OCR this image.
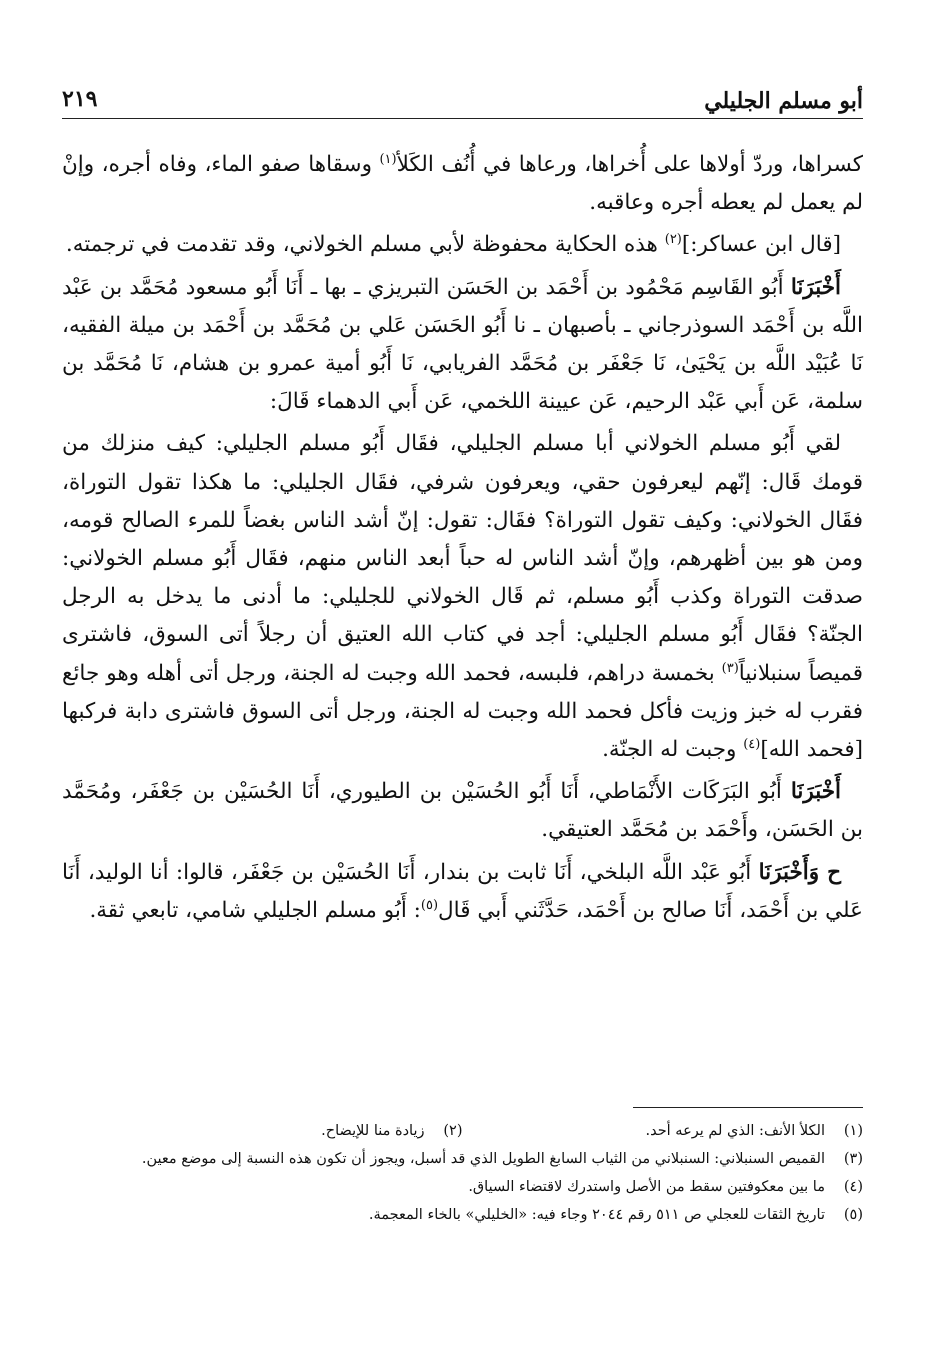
أبو مسلم الجليلي
٢١٩

كسراها، وردّ أولاها على أُخراها، ورعاها في أُنُف الكَلأ$^{(١)}$ وسقاها صفو الماء، وفاه أجره، وإنْ لم يعمل لم يعطه أجره وعاقبه.

[قال ابن عساكر:]$^{(٢)}$ هذه الحكاية محفوظة لأبي مسلم الخولاني، وقد تقدمت في ترجمته.

أَخْبَرَنَا أَبُو القَاسِم مَحْمُود بن أَحْمَد بن الحَسَن التبريزي ـ بها ـ أَنَا أَبُو مسعود مُحَمَّد بن عَبْد اللَّه بن أَحْمَد السوذرجاني ـ بأصبهان ـ نا أَبُو الحَسَن عَلي بن مُحَمَّد بن أَحْمَد بن ميلة الفقيه، نَا عُبَيْد اللَّه بن يَحْيَىٰ، نَا جَعْفَر بن مُحَمَّد الفريابي، نَا أَبُو أمية عمرو بن هشام، نَا مُحَمَّد بن سلمة، عَن أَبي عَبْد الرحيم، عَن عيينة اللخمي، عَن أَبي الدهماء قَالَ:

لقي أَبُو مسلم الخولاني أبا مسلم الجليلي، فقَال أَبُو مسلم الجليلي: كيف منزلك من قومك قَال: إنّهم ليعرفون حقي، ويعرفون شرفي، فقَال الجليلي: ما هكذا تقول التوراة، فقَال الخولاني: وكيف تقول التوراة؟ فقَال: تقول: إنّ أشد الناس بغضاً للمرء الصالح قومه، ومن هو بين أظهرهم، وإنّ أشد الناس له حباً أبعد الناس منهم، فقَال أَبُو مسلم الخولاني: صدقت التوراة وكذب أَبُو مسلم، ثم قَال الخولاني للجليلي: ما أدنى ما يدخل به الرجل الجنّة؟ فقَال أَبُو مسلم الجليلي: أجد في كتاب الله العتيق أن رجلاً أتى السوق، فاشترى قميصاً سنبلانياً$^{(٣)}$ بخمسة دراهم، فلبسه، فحمد الله وجبت له الجنة، ورجل أتى أهله وهو جائع فقرب له خبز وزيت فأكل فحمد الله وجبت له الجنة، ورجل أتى السوق فاشترى دابة فركبها [فحمد الله]$^{(٤)}$ وجبت له الجنّة.

أَخْبَرَنَا أَبُو البَرَكَات الأَنْمَاطي، أَنَا أَبُو الحُسَيْن بن الطيوري، أَنَا الحُسَيْن بن جَعْفَر، ومُحَمَّد بن الحَسَن، وأَحْمَد بن مُحَمَّد العتيقي.

ح وَأَخْبَرَنَا أَبُو عَبْد اللَّه البلخي، أَنَا ثابت بن بندار، أَنَا الحُسَيْن بن جَعْفَر، قالوا: أنا الوليد، أَنَا عَلي بن أَحْمَد، أَنَا صالح بن أَحْمَد، حَدَّثَني أَبي قَال$^{(٥)}$: أَبُو مسلم الجليلي شامي، تابعي ثقة.

(١)
الكلأ الأنف: الذي لم يرعه أحد.
(٢)
زيادة منا للإيضاح.
(٣)
القميص السنبلاني: السنبلاني من الثياب السابغ الطويل الذي قد أسبل، ويجوز أن تكون هذه النسبة إلى موضع معين.
(٤)
ما بين معكوفتين سقط من الأصل واستدرك لاقتضاء السياق.
(٥)
تاريخ الثقات للعجلي ص ٥١١ رقم ٢٠٤٤ وجاء فيه: «الخليلي» بالخاء المعجمة.
